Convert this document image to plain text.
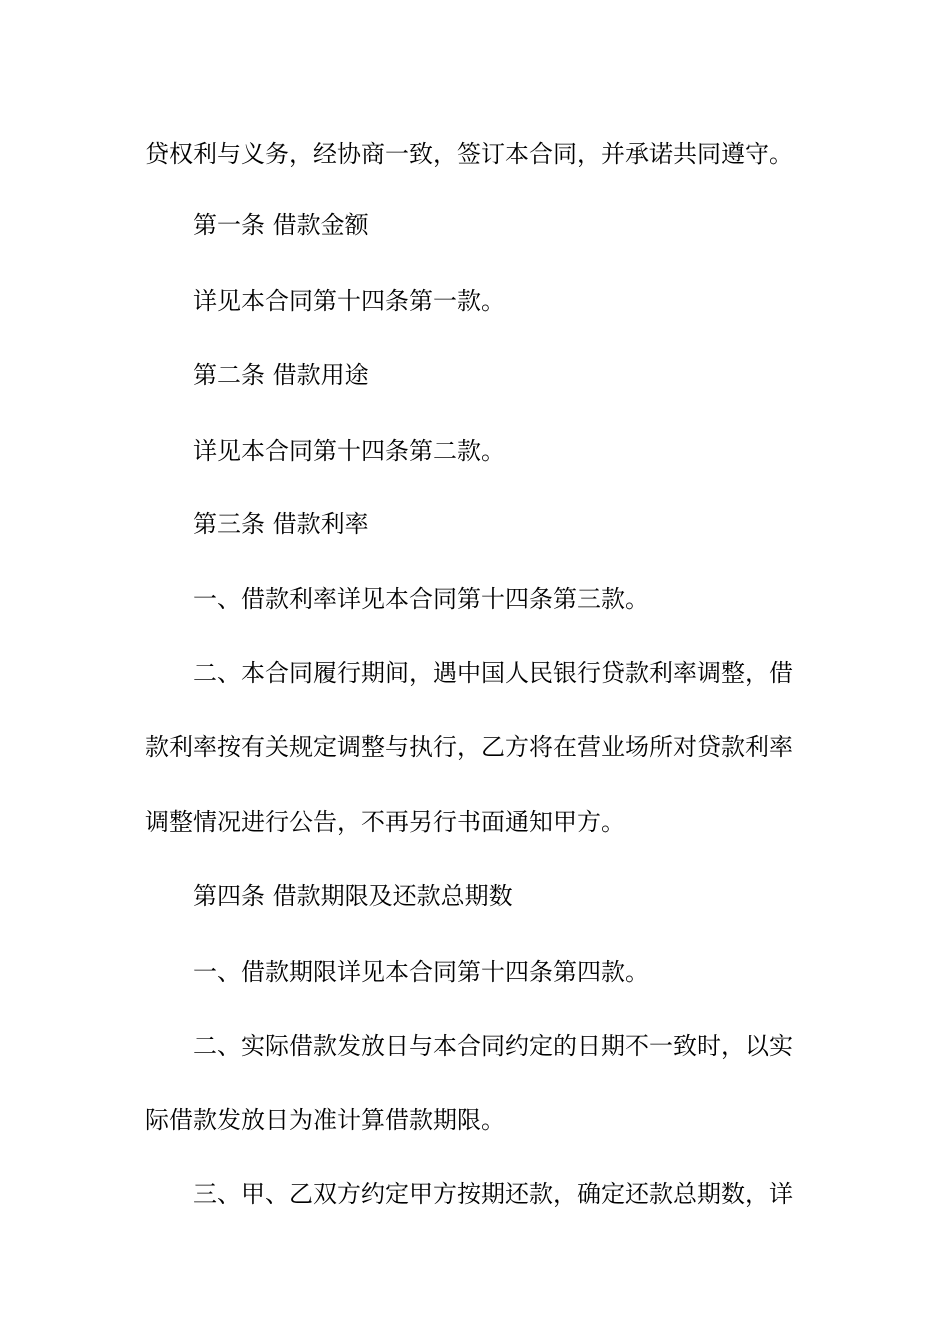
贷权利与义务，经协商一致，签订本合同，并承诺共同遵守。
第一条 借款金额
详见本合同第十四条第一款。
第二条 借款用途
详见本合同第十四条第二款。
第三条 借款利率
一、借款利率详见本合同第十四条第三款。
二、本合同履行期间，遇中国人民银行贷款利率调整，借
款利率按有关规定调整与执行，乙方将在营业场所对贷款利率
调整情况进行公告，不再另行书面通知甲方。
第四条 借款期限及还款总期数
一、借款期限详见本合同第十四条第四款。
二、实际借款发放日与本合同约定的日期不一致时，以实
际借款发放日为准计算借款期限。
三、甲、乙双方约定甲方按期还款，确定还款总期数，详
